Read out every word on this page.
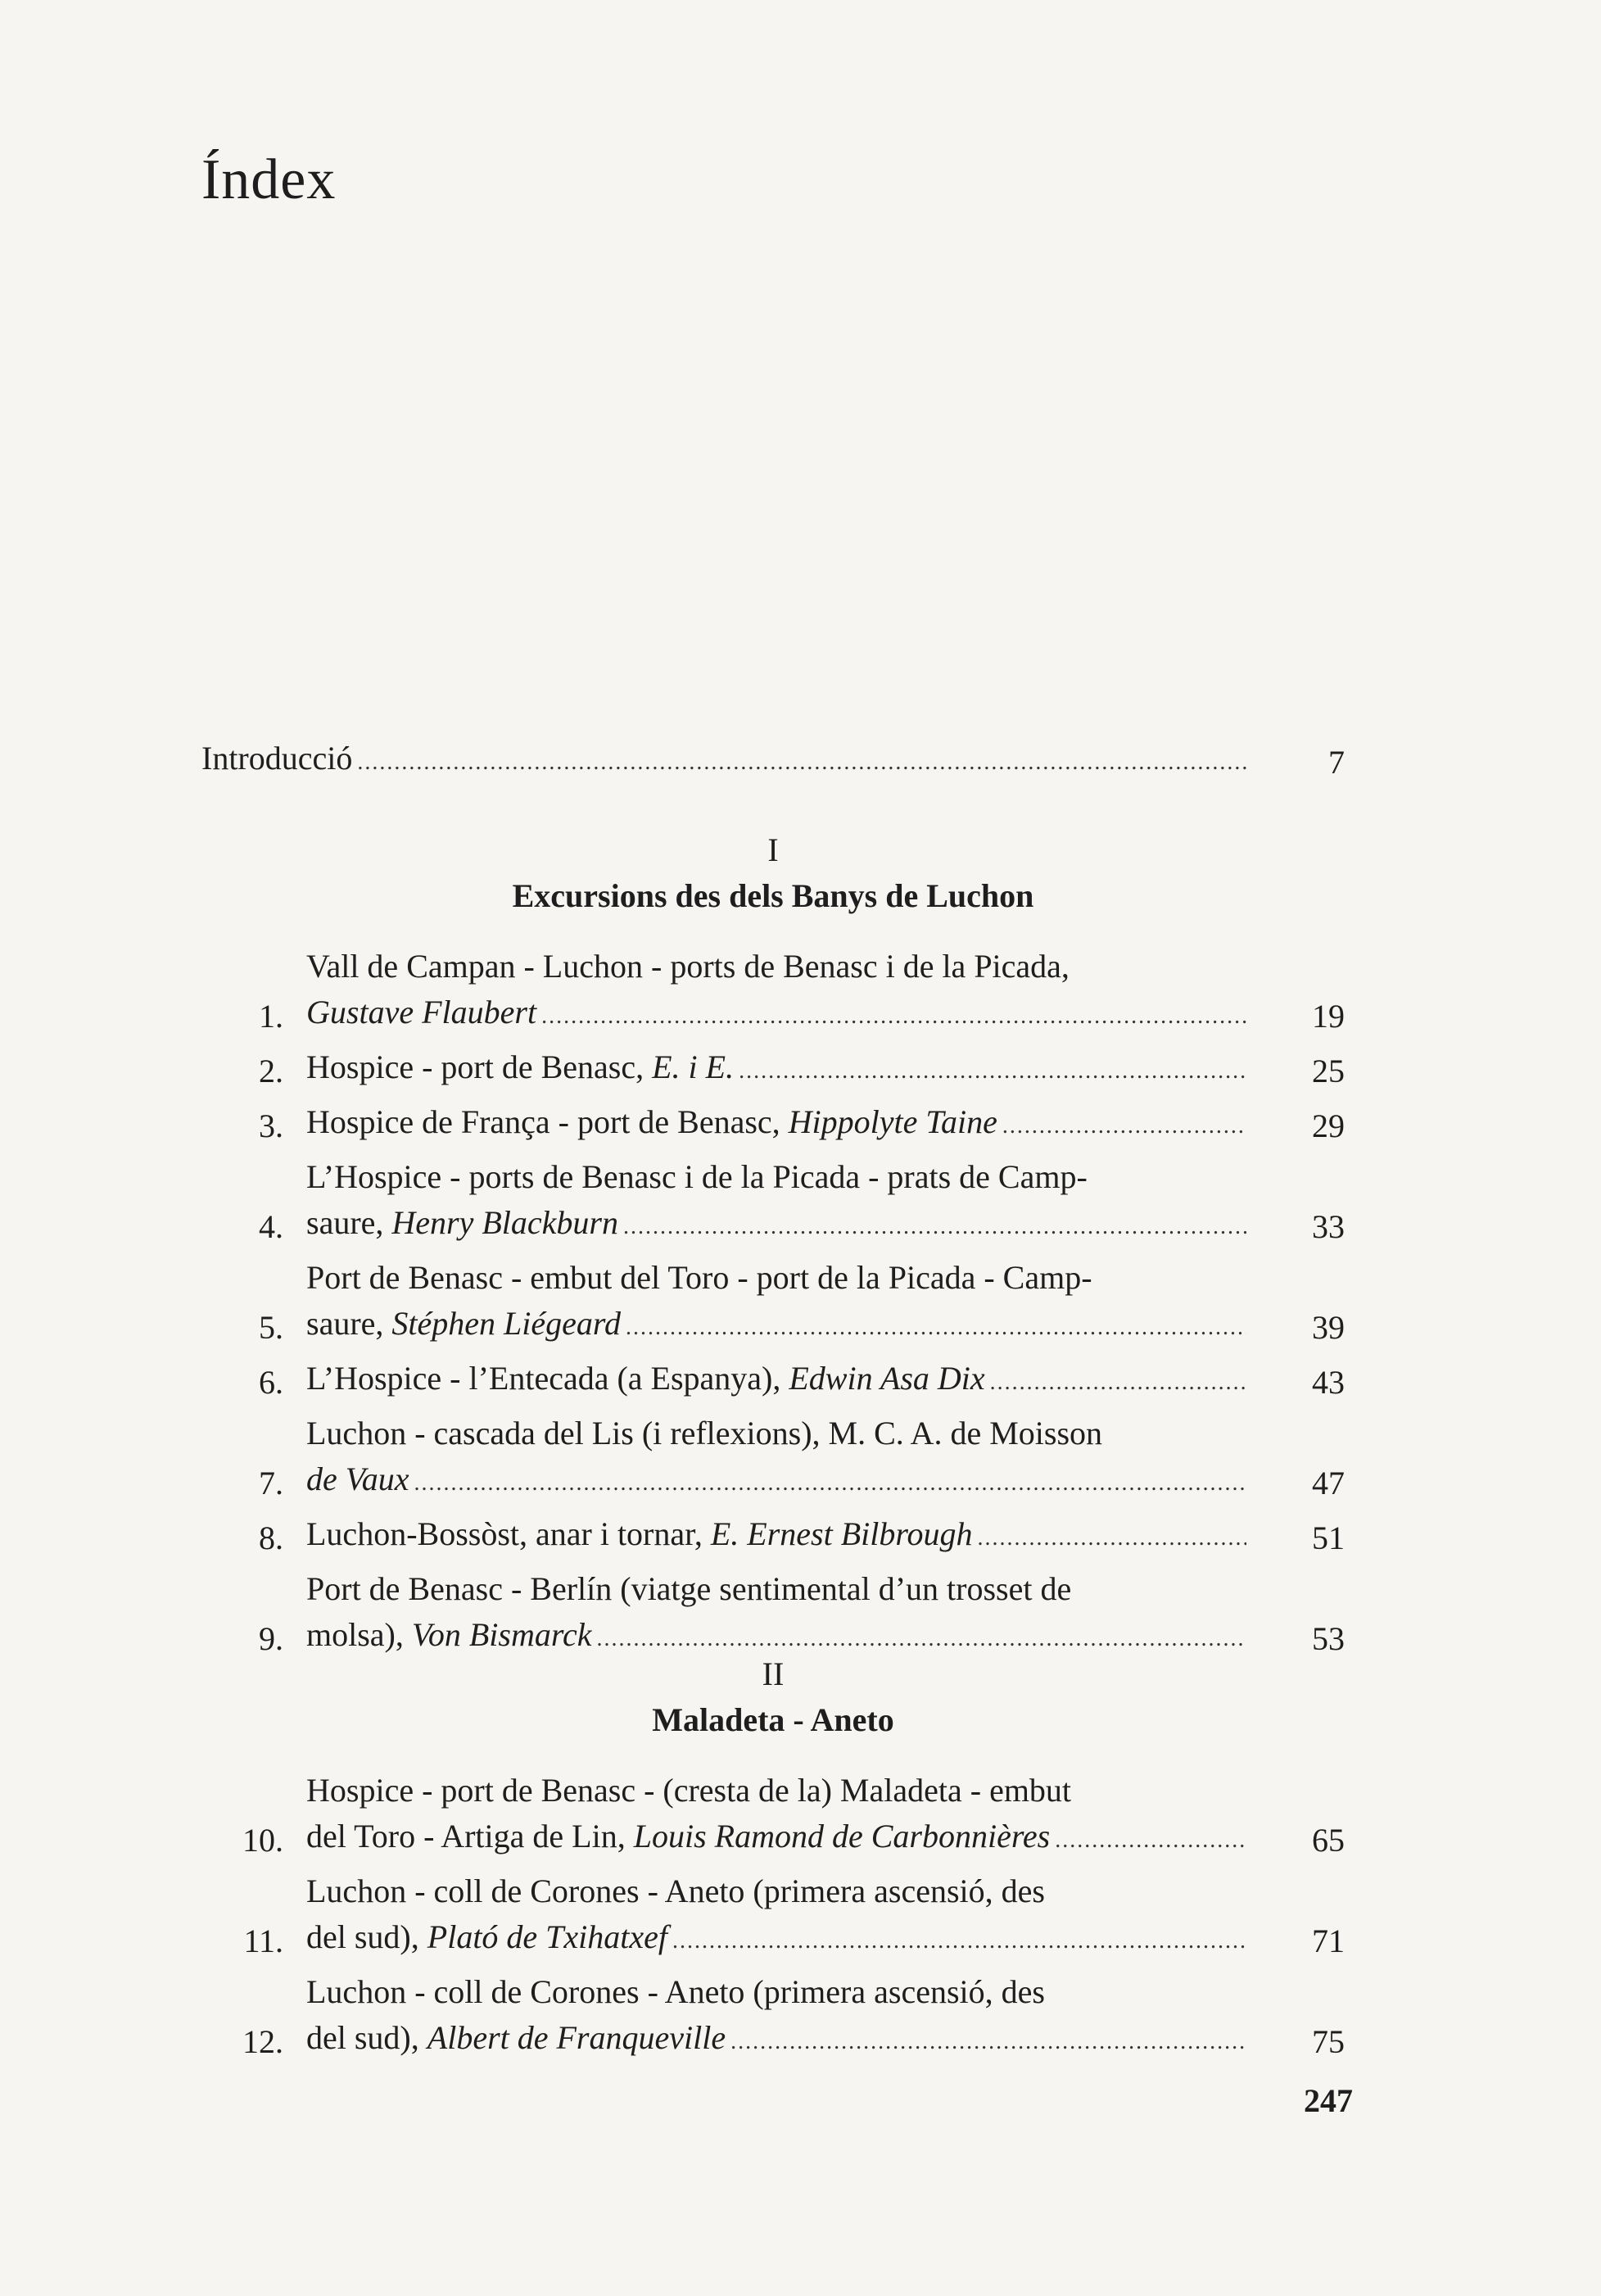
Índex
Introducció .....	7
I
Excursions des dels Banys de Luchon
1.
Vall de Campan - Luchon - ports de Benasc i de la Picada,
Gustave Flaubert .....	19
2. Hospice - port de Benasc, E. i E. .....	25
3. Hospice de França - port de Benasc, Hippolyte Taine .....	29
4.
L’Hospice - ports de Benasc i de la Picada - prats de Camp-
saure, Henry Blackburn .....	33
5.
Port de Benasc - embut del Toro - port de la Picada - Camp-
saure, Stéphen Liégeard .....	39
6. L’Hospice - l’Entecada (a Espanya), Edwin Asa Dix .....	43
7.
Luchon - cascada del Lis (i reflexions), M. C. A. de Moisson
de Vaux .....	47
8. Luchon-Bossòst, anar i tornar, E. Ernest Bilbrough .....	51
9.
Port de Benasc - Berlín (viatge sentimental d’un trosset de
molsa), Von Bismarck .....	53
II
Maladeta - Aneto
10.
Hospice - port de Benasc - (cresta de la) Maladeta - embut
del Toro - Artiga de Lin, Louis Ramond de Carbonnières .....	65
11.
Luchon - coll de Corones - Aneto (primera ascensió, des
del sud), Plató de Txihatxef .....	71
12.
Luchon - coll de Corones - Aneto (primera ascensió, des
del sud), Albert de Franqueville .....	75
247
